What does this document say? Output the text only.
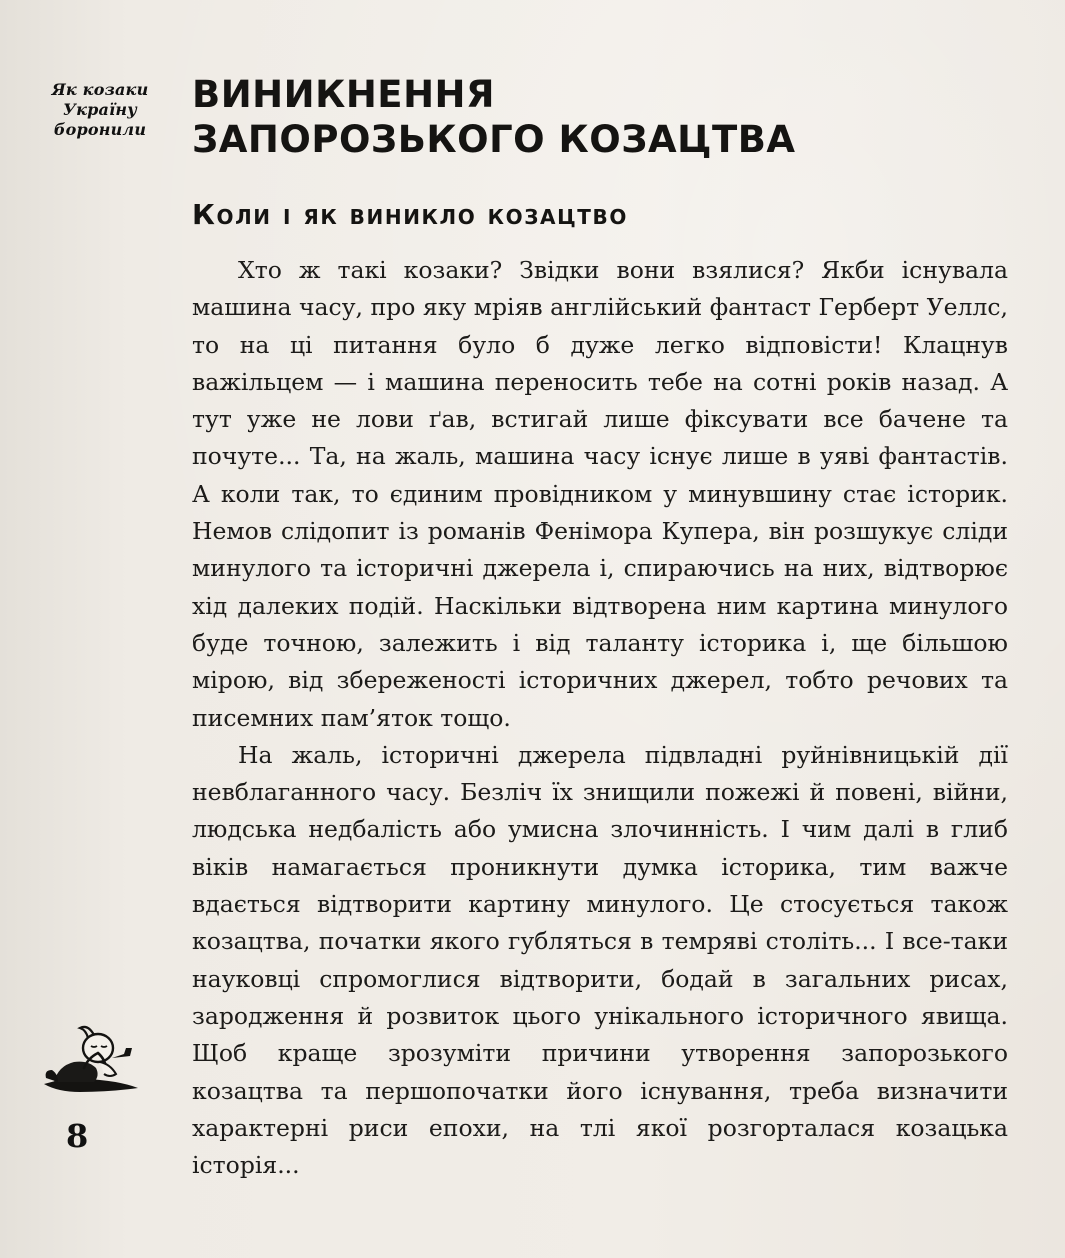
Як козаки
Україну
боронили
ВИНИКНЕННЯ
ЗАПОРОЗЬКОГО КОЗАЦТВА
Коли і як виникло козацтво

Хто ж такі козаки? Звідки вони взялися? Якби існувала машина часу, про яку мріяв англійський фантаст Герберт Уеллс, то на ці питання було б дуже легко відповісти! Клацнув важільцем — і машина переносить тебе на сотні років назад. А тут уже не лови ґав, встигай лише фіксувати все бачене та почуте... Та, на жаль, машина часу існує лише в уяві фантастів. А коли так, то єдиним провідником у минувшину стає історик. Немов слідопит із романів Фенімора Купера, він розшукує сліди минулого та історичні джерела і, спираючись на них, відтворює хід далеких подій. Наскільки відтворена ним картина минулого буде точною, залежить і від таланту історика і, ще більшою мірою, від збереженості історичних джерел, тобто речових та писемних пам’яток тощо.

На жаль, історичні джерела підвладні руйнівницькій дії невблаганного часу. Безліч їх знищили пожежі й повені, війни, людська недбалість або умисна злочинність. І чим далі в глиб віків намагається проникнути думка історика, тим важче вдається відтворити картину минулого. Це стосується також козацтва, початки якого губляться в темряві століть... І все-таки науковці спромоглися відтворити, бодай в загальних рисах, зародження й розвиток цього унікального історичного явища. Щоб краще зрозуміти причини утворення запорозького козацтва та першопочатки його існування, треба визначити характерні риси епохи, на тлі якої розгорталася козацька історія...

8
